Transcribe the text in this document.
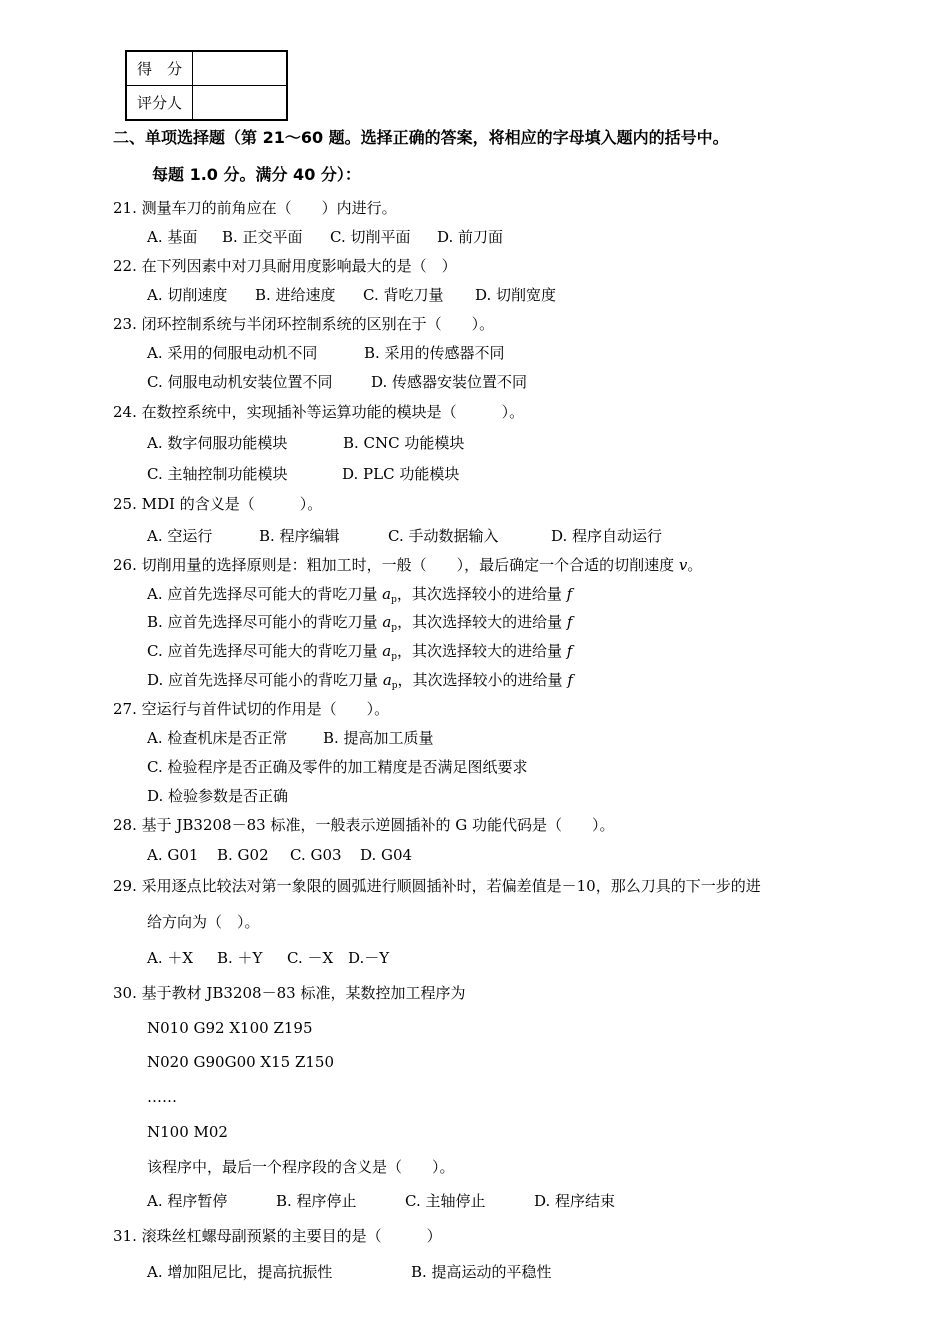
得　分	
评分人	
二、单项选择题（第 21～60 题。选择正确的答案，将相应的字母填入题内的括号中。
每题 1.0 分。满分 40 分）：
21. 测量车刀的前角应在（　　）内进行。
A. 基面 B. 正交平面 C. 切削平面 D. 前刀面
22. 在下列因素中对刀具耐用度影响最大的是（　）
A. 切削速度 B. 进给速度 C. 背吃刀量 D. 切削宽度
23. 闭环控制系统与半闭环控制系统的区别在于（　　）。
A. 采用的伺服电动机不同	B. 采用的传感器不同
C. 伺服电动机安装位置不同	D. 传感器安装位置不同
24. 在数控系统中，实现插补等运算功能的模块是（　　　）。
A. 数字伺服功能模块	B. CNC 功能模块
C. 主轴控制功能模块	D. PLC 功能模块
25. MDI 的含义是（　　　）。
A. 空运行	B. 程序编辑	C. 手动数据输入	D. 程序自动运行
26. 切削用量的选择原则是：粗加工时，一般（　　），最后确定一个合适的切削速度 v。
A. 应首先选择尽可能大的背吃刀量 $a_p$，其次选择较小的进给量 f
B. 应首先选择尽可能小的背吃刀量 $a_p$，其次选择较大的进给量 f
C. 应首先选择尽可能大的背吃刀量 $a_p$，其次选择较大的进给量 f
D. 应首先选择尽可能小的背吃刀量 $a_p$，其次选择较小的进给量 f
27. 空运行与首件试切的作用是（　　）。
A. 检查机床是否正常 B. 提高加工质量
C. 检验程序是否正确及零件的加工精度是否满足图纸要求
D. 检验参数是否正确
28. 基于 JB3208－83 标准，一般表示逆圆插补的 G 功能代码是（　　）。
A. G01 B. G02 C. G03 D. G04
29. 采用逐点比较法对第一象限的圆弧进行顺圆插补时，若偏差值是－10，那么刀具的下一步的进
给方向为（　）。
A. ＋X B. ＋Y C. －X D.－Y
30. 基于教材 JB3208－83 标准，某数控加工程序为
N010 G92 X100 Z195
N020 G90G00 X15 Z150
……
N100 M02
该程序中，最后一个程序段的含义是（　　）。
A. 程序暂停	B. 程序停止	C. 主轴停止	D. 程序结束
31. 滚珠丝杠螺母副预紧的主要目的是（　　　）
A. 增加阻尼比，提高抗振性	B. 提高运动的平稳性
